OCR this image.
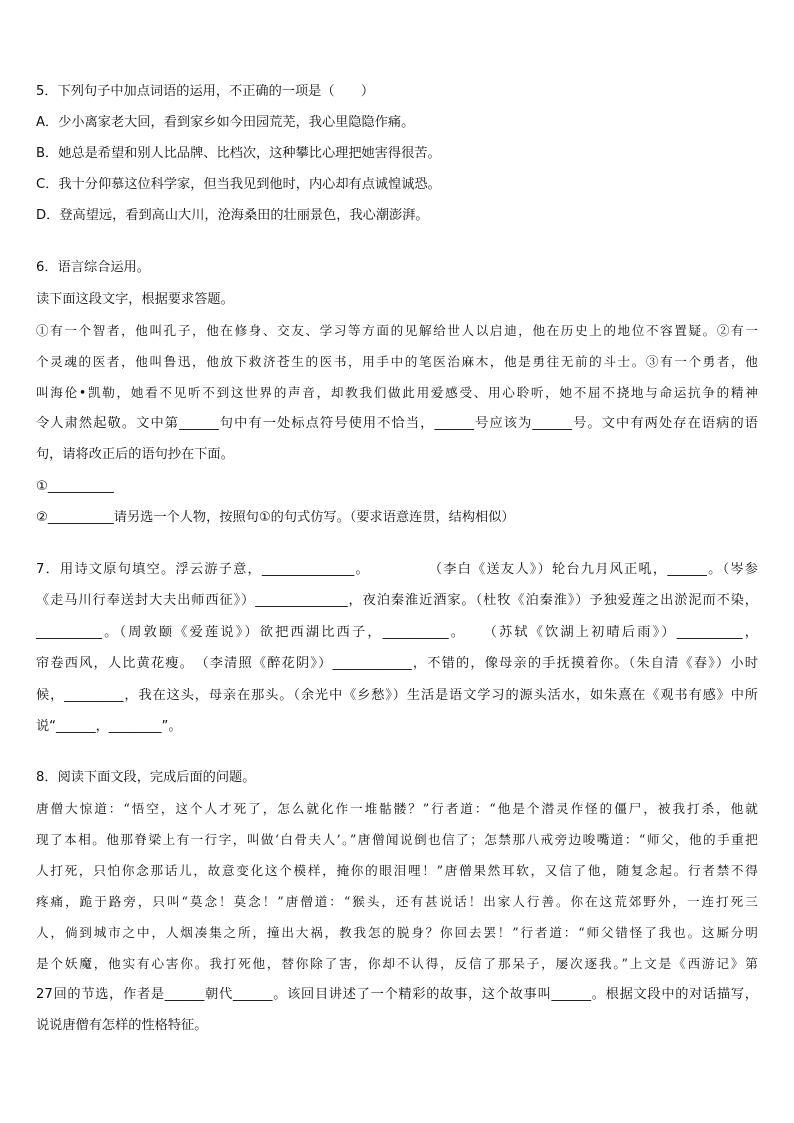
5．下列句子中加点词语的运用，不正确的一项是（　　）
A．少小离家老大回，看到家乡如今田园荒芜，我心里隐隐作痛。
B．她总是希望和别人比品牌、比档次，这种攀比心理把她害得很苦。
C．我十分仰慕这位科学家，但当我见到他时，内心却有点诚惶诚恐。
D．登高望远，看到高山大川，沧海桑田的壮丽景色，我心潮澎湃。
6．语言综合运用。
读下面这段文字，根据要求答题。
①有一个智者，他叫孔子，他在修身、交友、学习等方面的见解给世人以启迪，他在历史上的地位不容置疑。②有一
个灵魂的医者，他叫鲁迅，他放下救济苍生的医书，用手中的笔医治麻木，他是勇往无前的斗士。③有一个勇者，他
叫海伦•凯勒，她看不见听不到这世界的声音，却教我们做此用爱感受、用心聆听，她不屈不挠地与命运抗争的精神
令人肃然起敬。文中第______句中有一处标点符号使用不恰当，______号应该为______号。文中有两处存在语病的语
句，请将改正后的语句抄在下面。
①__________
②__________请另选一个人物，按照句①的句式仿写。（要求语意连贯，结构相似）
7．用诗文原句填空。浮云游子意，______________。　　　　　（李白《送友人》）轮台九月风正吼，______。（岑参
《走马川行奉送封大夫出师西征》）______________，夜泊秦淮近酒家。（杜牧《泊秦淮》）予独爱莲之出淤泥而不染，
__________。（周敦颐《爱莲说》）欲把西湖比西子，__________。　　（苏轼《饮湖上初晴后雨》）__________，
帘卷西风，人比黄花瘦。　（李清照《醉花阴》）____________，不错的，像母亲的手抚摸着你。（朱自清《春》）小时
候，_________，我在这头，母亲在那头。（余光中《乡愁》）生活是语文学习的源头活水，如朱熹在《观书有感》中所
说“______，________”。
8．阅读下面文段，完成后面的问题。
唐僧大惊道：“悟空，这个人才死了，怎么就化作一堆骷髅？”行者道：“他是个潜灵作怪的僵尸，被我打杀，他就
现了本相。他那脊梁上有一行字，叫做‘白骨夫人’。”唐僧闻说倒也信了；怎禁那八戒旁边唆嘴道：“师父，他的手重把
人打死，只怕你念那话儿，故意变化这个模样，掩你的眼泪哩！”唐僧果然耳软，又信了他，随复念起。行者禁不得
疼痛，跪于路旁，只叫“莫念！莫念！”唐僧道：“猴头，还有甚说话！出家人行善。你在这荒郊野外，一连打死三
人，倘到城市之中，人烟凑集之所，撞出大祸，教我怎的脱身？你回去罢！”行者道：“师父错怪了我也。这厮分明
是个妖魔，他实有心害你。我打死他，替你除了害，你却不认得，反信了那呆子，屡次逐我。”上文是《西游记》第
27回的节选，作者是______朝代______。该回目讲述了一个精彩的故事，这个故事叫______。根据文段中的对话描写，
说说唐僧有怎样的性格特征。
